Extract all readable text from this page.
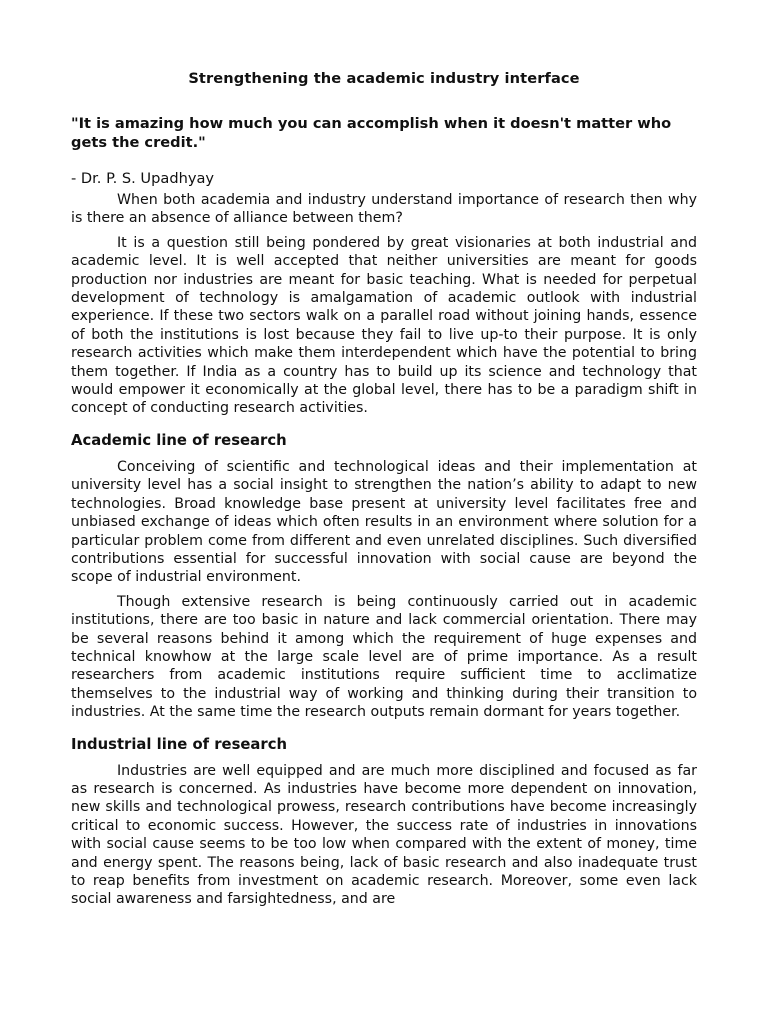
Strengthening the academic industry interface
"It is amazing how much you can accomplish when it doesn't matter who gets the credit."
- Dr. P. S. Upadhyay

When both academia and industry understand importance of research then why is there an absence of alliance between them?

It is a question still being pondered by great visionaries at both industrial and academic level. It is well accepted that neither universities are meant for goods production nor industries are meant for basic teaching. What is needed for perpetual development of technology is amalgamation of academic outlook with industrial experience. If these two sectors walk on a parallel road without joining hands, essence of both the institutions is lost because they fail to live up-to their purpose. It is only research activities which make them interdependent which have the potential to bring them together. If India as a country has to build up its science and technology that would empower it economically at the global level, there has to be a paradigm shift in concept of conducting research activities.

Academic line of research

Conceiving of scientific and technological ideas and their implementation at university level has a social insight to strengthen the nation’s ability to adapt to new technologies. Broad knowledge base present at university level facilitates free and unbiased exchange of ideas which often results in an environment where solution for a particular problem come from different and even unrelated disciplines. Such diversified contributions essential for successful innovation with social cause are beyond the scope of industrial environment.

Though extensive research is being continuously carried out in academic institutions, there are too basic in nature and lack commercial orientation. There may be several reasons behind it among which the requirement of huge expenses and technical knowhow at the large scale level are of prime importance. As a result researchers from academic institutions require sufficient time to acclimatize themselves to the industrial way of working and thinking during their transition to industries. At the same time the research outputs remain dormant for years together.

Industrial line of research

Industries are well equipped and are much more disciplined and focused as far as research is concerned. As industries have become more dependent on innovation, new skills and technological prowess, research contributions have become increasingly critical to economic success. However, the success rate of industries in innovations with social cause seems to be too low when compared with the extent of money, time and energy spent. The reasons being, lack of basic research and also inadequate trust to reap benefits from investment on academic research. Moreover, some even lack social awareness and farsightedness, and are
